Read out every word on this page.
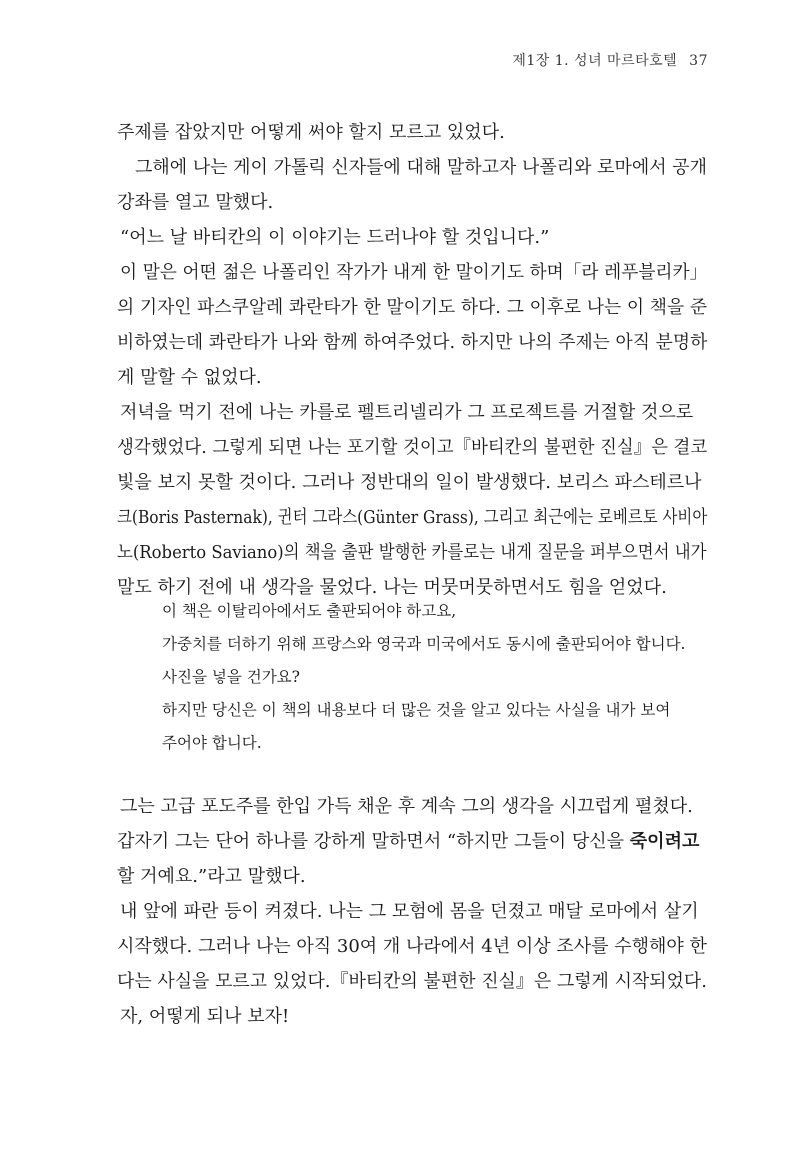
제1장 1. 성녀 마르타호텔 37
주제를 잡았지만 어떻게 써야 할지 모르고 있었다.
그해에 나는 게이 가톨릭 신자들에 대해 말하고자 나폴리와 로마에서 공개
강좌를 열고 말했다.
“어느 날 바티칸의 이 이야기는 드러나야 할 것입니다.”
이 말은 어떤 젊은 나폴리인 작가가 내게 한 말이기도 하며「라 레푸블리카」
의 기자인 파스쿠알레 콰란타가 한 말이기도 하다. 그 이후로 나는 이 책을 준
비하였는데 콰란타가 나와 함께 하여주었다. 하지만 나의 주제는 아직 분명하
게 말할 수 없었다.
저녁을 먹기 전에 나는 카를로 펠트리넬리가 그 프로젝트를 거절할 것으로
생각했었다. 그렇게 되면 나는 포기할 것이고『바티칸의 불편한 진실』은 결코
빛을 보지 못할 것이다. 그러나 정반대의 일이 발생했다. 보리스 파스테르나
크(Boris Pasternak), 귄터 그라스(Günter Grass), 그리고 최근에는 로베르토 사비아
노(Roberto Saviano)의 책을 출판 발행한 카를로는 내게 질문을 퍼부으면서 내가
말도 하기 전에 내 생각을 물었다. 나는 머뭇머뭇하면서도 힘을 얻었다.
이 책은 이탈리아에서도 출판되어야 하고요,
가중치를 더하기 위해 프랑스와 영국과 미국에서도 동시에 출판되어야 합니다.
사진을 넣을 건가요?
하지만 당신은 이 책의 내용보다 더 많은 것을 알고 있다는 사실을 내가 보여
주어야 합니다.
그는 고급 포도주를 한입 가득 채운 후 계속 그의 생각을 시끄럽게 펼쳤다.
갑자기 그는 단어 하나를 강하게 말하면서 “하지만 그들이 당신을 죽이려고
할 거예요.”라고 말했다.
내 앞에 파란 등이 켜졌다. 나는 그 모험에 몸을 던졌고 매달 로마에서 살기
시작했다. 그러나 나는 아직 30여 개 나라에서 4년 이상 조사를 수행해야 한
다는 사실을 모르고 있었다.『바티칸의 불편한 진실』은 그렇게 시작되었다.
자, 어떻게 되나 보자!
